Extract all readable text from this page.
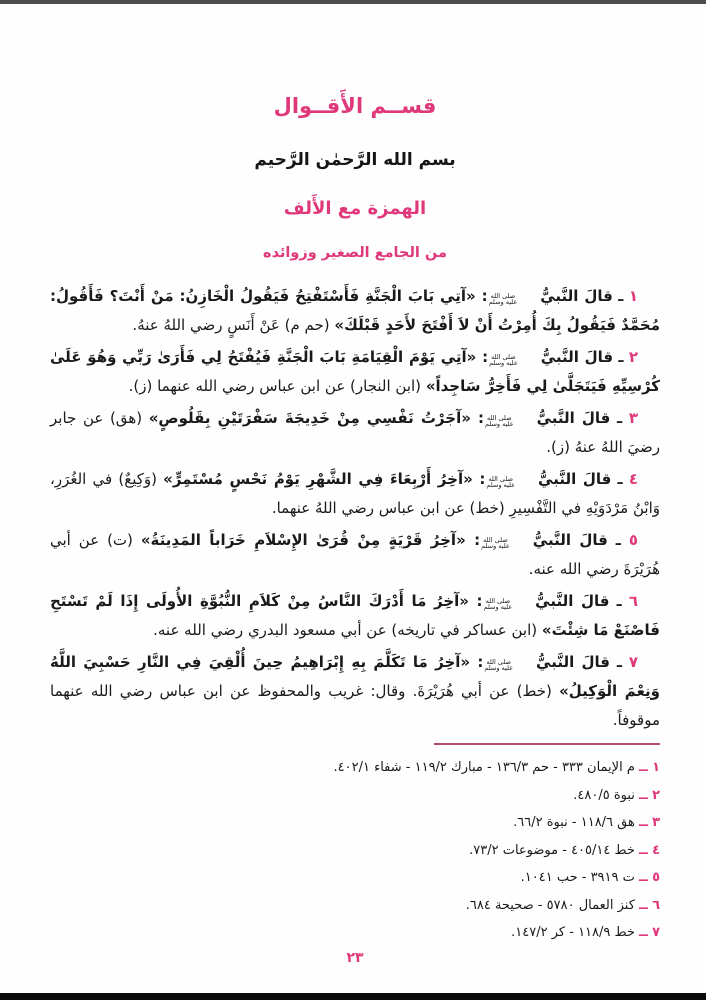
قســم الأَقــوال
بسم الله الرَّحمٰن الرَّحيم
الهمزة مع الأَلف
من الجامع الصغير وزوائده

١ ـ قالَ النَّبيُّ
صلى الله
عليه وسلم
: «آتِي بَابَ الْجَنَّةِ فَأَسْتَفْتِحُ فَيَقُولُ الْخَازِنُ: مَنْ أَنْتَ؟ فَأَقُولُ: مُحَمَّدٌ فَيَقُولُ بِكَ أُمِرْتُ أَنْ لاَ أَفْتَحَ لأَحَدٍ قَبْلَكَ» (حم م) عَنْ أَنَسٍ رضي اللهُ عنهُ.

٢ ـ قالَ النَّبيُّ
صلى الله
عليه وسلم
: «آتِي يَوْمَ الْقِيَامَةِ بَابَ الْجَنَّةِ فَيُفْتَحُ لِي فَأَرَىٰ رَبِّي وَهُوَ عَلَىٰ كُرْسِيِّهِ فَيَتَجَلَّىٰ لِي فَأَخِرُّ سَاجِداً» (ابن النجار) عن ابن عباس رضي الله عنهما (ز).

٣ ـ قالَ النَّبيُّ
صلى الله
عليه وسلم
: «آجَرْتُ نَفْسِي مِنْ خَدِيجَةَ سَفْرَتَيْنِ بِقَلُوصٍ» (هق) عن جابر رضيَ اللهُ عنهُ (ز).

٤ ـ قالَ النَّبيُّ
صلى الله
عليه وسلم
: «آخِرُ أَرْبِعَاءَ فِي الشَّهْرِ يَوْمُ نَحْسٍ مُسْتَمِرٍّ» (وَكِيعٌ) في الغُرَرِ، وَابْنُ مَرْدَوَيْهِ في التَّفْسِيرِ (خط) عن ابن عباس رضي اللهُ عنهما.

٥ ـ قالَ النَّبيُّ
صلى الله
عليه وسلم
: «آخِرُ قَرْيَةٍ مِنْ قُرَىٰ الإِسْلاَمِ خَرَاباً المَدِينَةُ» (ت) عن أبي هُرَيْرَةَ رضي الله عنه.

٦ ـ قالَ النَّبيُّ
صلى الله
عليه وسلم
: «آخِرُ مَا أَدْرَكَ النَّاسُ مِنْ كَلاَمِ النُّبُوَّةِ الأُولَى إِذَا لَمْ تَسْتَحِ فَاصْنَعْ مَا شِئْتَ» (ابن عساكر في تاريخه) عن أبي مسعود البدري رضي الله عنه.

٧ ـ قالَ النَّبيُّ
صلى الله
عليه وسلم
: «آخِرُ مَا تَكَلَّمَ بِهِ إِبْرَاهِيمُ حِينَ أُلْقِيَ فِي النَّارِ حَسْبِيَ اللَّهُ وَنِعْمَ الْوَكِيلُ» (خط) عن أبي هُرَيْرَةَ. وقال: غريب والمحفوظ عن ابن عباس رضي الله عنهما موقوفاً.

١ ــ م الإيمان ٣٣٣ - حم ١٣٦/٣ - مبارك ١١٩/٢ - شفاء ٤٠٢/١.
٢ ــ نبوة ٤٨٠/٥.
٣ ــ هق ١١٨/٦ - نبوة ٦٦/٢.
٤ ــ خط ٤٠٥/١٤ - موضوعات ٧٣/٢.
٥ ــ ت ٣٩١٩ - حب ١٠٤١.
٦ ــ كنز العمال ٥٧٨٠ - صحيحة ٦٨٤.
٧ ــ خط ١١٨/٩ - كر ١٤٧/٢.
٢٣
